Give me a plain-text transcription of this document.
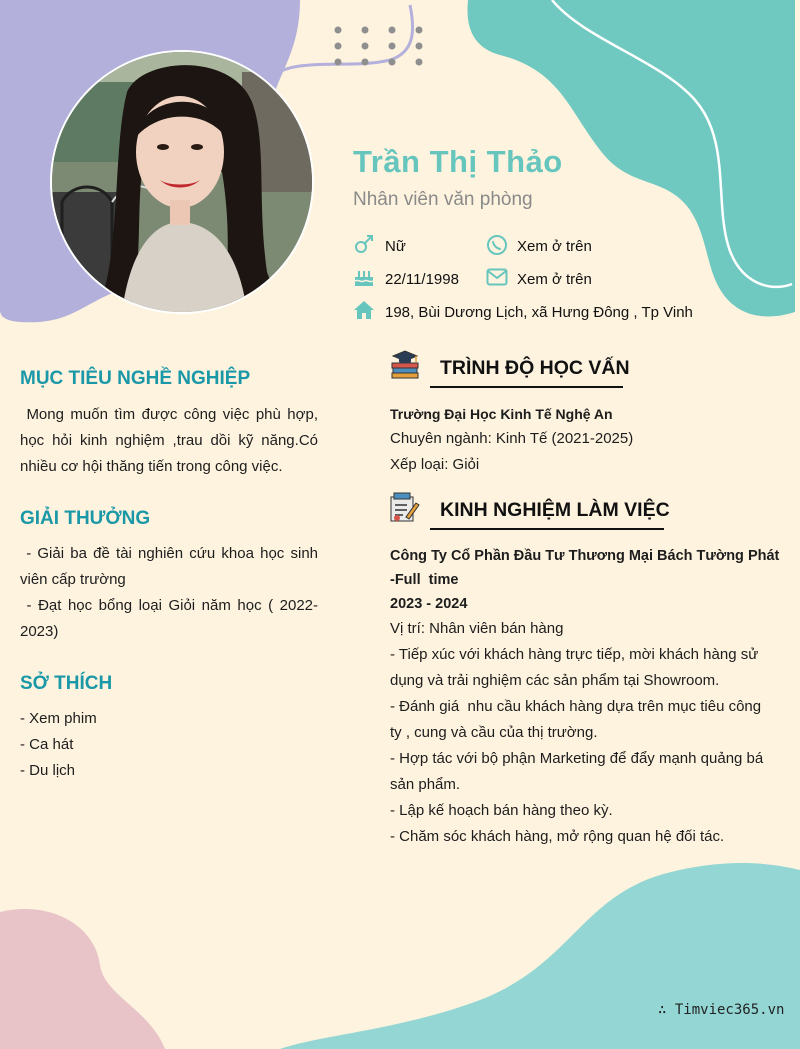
Trần Thị Thảo
Nhân viên văn phòng
Nữ	Xem ở trên
22/11/1998	Xem ở trên
198, Bùi Dương Lịch, xã Hưng Đông , Tp Vinh
MỤC TIÊU NGHỀ NGHIỆP
Mong muốn tìm được công việc phù hợp, học hỏi kinh nghiệm ,trau dồi kỹ năng.Có nhiều cơ hội thăng tiến trong công việc.
GIẢI THƯỞNG
- Giải ba đề tài nghiên cứu khoa học sinh viên cấp trường
- Đạt học bổng loại Giỏi năm học ( 2022-2023)
SỞ THÍCH
- Xem phim
- Ca hát
- Du lịch
TRÌNH ĐỘ HỌC VẤN
Trường Đại Học Kinh Tế Nghệ An
Chuyên ngành: Kinh Tế (2021-2025)
Xếp loại: Giỏi
KINH NGHIỆM LÀM VIỆC
Công Ty Cổ Phần Đầu Tư Thương Mại Bách Tường Phát
-Full  time
2023 - 2024
Vị trí: Nhân viên bán hàng
- Tiếp xúc với khách hàng trực tiếp, mời khách hàng sử
dụng và trải nghiệm các sản phẩm tại Showroom.
- Đánh giá  nhu cầu khách hàng dựa trên mục tiêu công
ty , cung và cầu của thị trường.
- Hợp tác với bộ phận Marketing để đẩy mạnh quảng bá
sản phẩm.
- Lập kế hoạch bán hàng theo kỳ.
- Chăm sóc khách hàng, mở rộng quan hệ đối tác.
∴ Timviec365.vn
